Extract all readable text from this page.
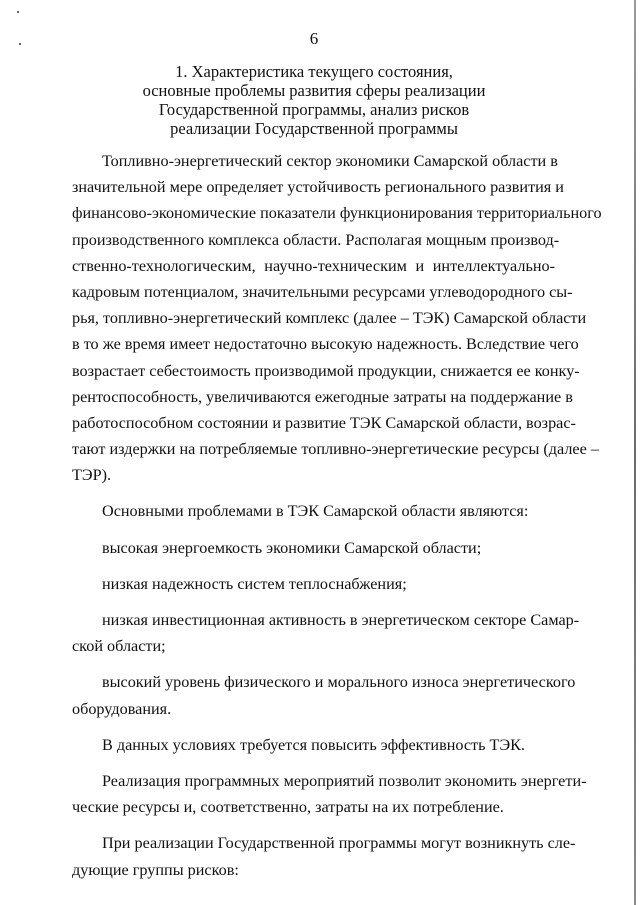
6
1. Характеристика текущего состояния,
основные проблемы развития сферы реализации
Государственной программы, анализ рисков
реализации Государственной программы
Топливно-энергетический сектор экономики Самарской области в
значительной мере определяет устойчивость регионального развития и
финансово-экономические показатели функционирования территориального
производственного комплекса области. Располагая мощным производ-
ственно-технологическим, научно-техническим и интеллектуально-
кадровым потенциалом, значительными ресурсами углеводородного сы-
рья, топливно-энергетический комплекс (далее – ТЭК) Самарской области
в то же время имеет недостаточно высокую надежность. Вследствие чего
возрастает себестоимость производимой продукции, снижается ее конку-
рентоспособность, увеличиваются ежегодные затраты на поддержание в
работоспособном состоянии и развитие ТЭК Самарской области, возрас-
тают издержки на потребляемые топливно-энергетические ресурсы (далее –
ТЭР).
Основными проблемами в ТЭК Самарской области являются:
высокая энергоемкость экономики Самарской области;
низкая надежность систем теплоснабжения;
низкая инвестиционная активность в энергетическом секторе Самар-
ской области;
высокий уровень физического и морального износа энергетического
оборудования.
В данных условиях требуется повысить эффективность ТЭК.
Реализация программных мероприятий позволит экономить энергети-
ческие ресурсы и, соответственно, затраты на их потребление.
При реализации Государственной программы могут возникнуть сле-
дующие группы рисков:
